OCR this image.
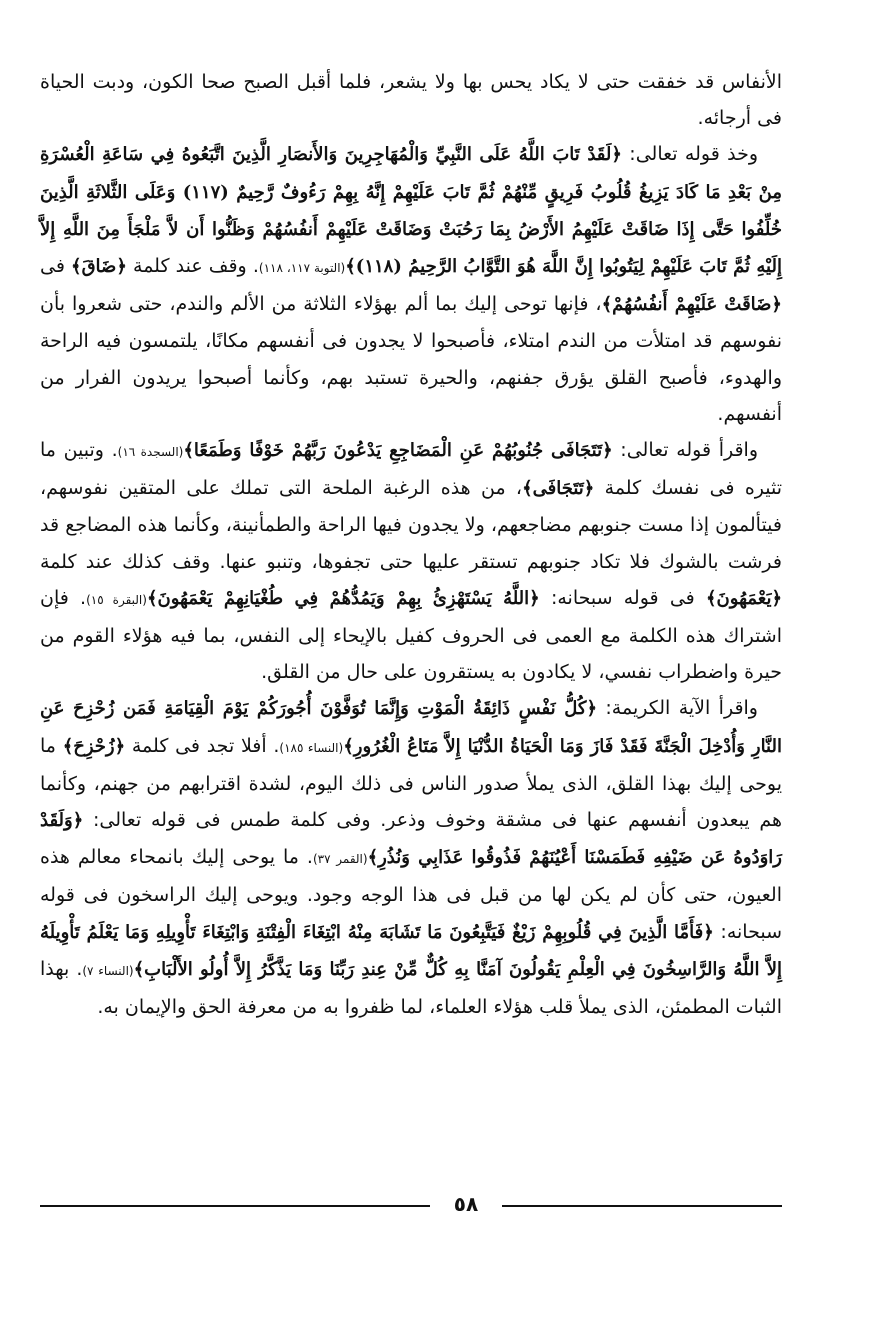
الأنفاس قد خفقت حتى لا يكاد يحس بها ولا يشعر، فلما أقبل الصبح صحا الكون، ودبت الحياة فى أرجائه.

وخذ قوله تعالى: ﴿لَقَدْ تَابَ اللَّهُ عَلَى النَّبِيِّ وَالْمُهَاجِرِينَ وَالأَنصَارِ الَّذِينَ اتَّبَعُوهُ فِي سَاعَةِ الْعُسْرَةِ مِنْ بَعْدِ مَا كَادَ يَزِيغُ قُلُوبُ فَرِيقٍ مِّنْهُمْ ثُمَّ تَابَ عَلَيْهِمْ إِنَّهُ بِهِمْ رَءُوفٌ رَّحِيمٌ (١١٧) وَعَلَى الثَّلاثَةِ الَّذِينَ خُلِّفُوا حَتَّى إِذَا ضَاقَتْ عَلَيْهِمُ الأَرْضُ بِمَا رَحُبَتْ وَضَاقَتْ عَلَيْهِمْ أَنفُسُهُمْ وَظَنُّوا أَن لاَّ مَلْجَأَ مِنَ اللَّهِ إِلاَّ إِلَيْهِ ثُمَّ تَابَ عَلَيْهِمْ لِيَتُوبُوا إِنَّ اللَّهَ هُوَ التَّوَّابُ الرَّحِيمُ (١١٨)﴾(التوبة ١١٧، ١١٨). وقف عند كلمة ﴿ضَاقَ﴾ فى ﴿ضَاقَتْ عَلَيْهِمْ أَنفُسُهُمْ﴾، فإنها توحى إليك بما ألم بهؤلاء الثلاثة من الألم والندم، حتى شعروا بأن نفوسهم قد امتلأت من الندم امتلاء، فأصبحوا لا يجدون فى أنفسهم مكانًا، يلتمسون فيه الراحة والهدوء، فأصبح القلق يؤرق جفنهم، والحيرة تستبد بهم، وكأنما أصبحوا يريدون الفرار من أنفسهم.

واقرأ قوله تعالى: ﴿تَتَجَافَى جُنُوبُهُمْ عَنِ الْمَضَاجِعِ يَدْعُونَ رَبَّهُمْ خَوْفًا وَطَمَعًا﴾(السجدة ١٦). وتبين ما تثيره فى نفسك كلمة ﴿تَتَجَافَى﴾، من هذه الرغبة الملحة التى تملك على المتقين نفوسهم، فيتألمون إذا مست جنوبهم مضاجعهم، ولا يجدون فيها الراحة والطمأنينة، وكأنما هذه المضاجع قد فرشت بالشوك فلا تكاد جنوبهم تستقر عليها حتى تجفوها، وتنبو عنها. وقف كذلك عند كلمة ﴿يَعْمَهُونَ﴾ فى قوله سبحانه: ﴿اللَّهُ يَسْتَهْزِئُ بِهِمْ وَيَمُدُّهُمْ فِي طُغْيَانِهِمْ يَعْمَهُونَ﴾(البقرة ١٥). فإن اشتراك هذه الكلمة مع العمى فى الحروف كفيل بالإيحاء إلى النفس، بما فيه هؤلاء القوم من حيرة واضطراب نفسي، لا يكادون به يستقرون على حال من القلق.

واقرأ الآية الكريمة: ﴿كُلُّ نَفْسٍ ذَائِقَةُ الْمَوْتِ وَإِنَّمَا تُوَفَّوْنَ أُجُورَكُمْ يَوْمَ الْقِيَامَةِ فَمَن زُحْزِحَ عَنِ النَّارِ وَأُدْخِلَ الْجَنَّةَ فَقَدْ فَازَ وَمَا الْحَيَاةُ الدُّنْيَا إِلاَّ مَتَاعُ الْغُرُورِ﴾(النساء ١٨٥). أفلا تجد فى كلمة ﴿زُحْزِحَ﴾ ما يوحى إليك بهذا القلق، الذى يملأ صدور الناس فى ذلك اليوم، لشدة اقترابهم من جهنم، وكأنما هم يبعدون أنفسهم عنها فى مشقة وخوف وذعر. وفى كلمة طمس فى قوله تعالى: ﴿وَلَقَدْ رَاوَدُوهُ عَن ضَيْفِهِ فَطَمَسْنَا أَعْيُنَهُمْ فَذُوقُوا عَذَابِي وَنُذُرِ﴾(القمر ٣٧). ما يوحى إليك بانمحاء معالم هذه العيون، حتى كأن لم يكن لها من قبل فى هذا الوجه وجود. ويوحى إليك الراسخون فى قوله سبحانه: ﴿فَأَمَّا الَّذِينَ فِي قُلُوبِهِمْ زَيْغٌ فَيَتَّبِعُونَ مَا تَشَابَهَ مِنْهُ ابْتِغَاءَ الْفِتْنَةِ وَابْتِغَاءَ تَأْوِيلِهِ وَمَا يَعْلَمُ تَأْوِيلَهُ إِلاَّ اللَّهُ وَالرَّاسِخُونَ فِي الْعِلْمِ يَقُولُونَ آمَنَّا بِهِ كُلٌّ مِّنْ عِندِ رَبِّنَا وَمَا يَذَّكَّرُ إِلاَّ أُولُو الأَلْبَابِ﴾(النساء ٧). بهذا الثبات المطمئن، الذى يملأ قلب هؤلاء العلماء، لما ظفروا به من معرفة الحق والإيمان به.

٥٨
